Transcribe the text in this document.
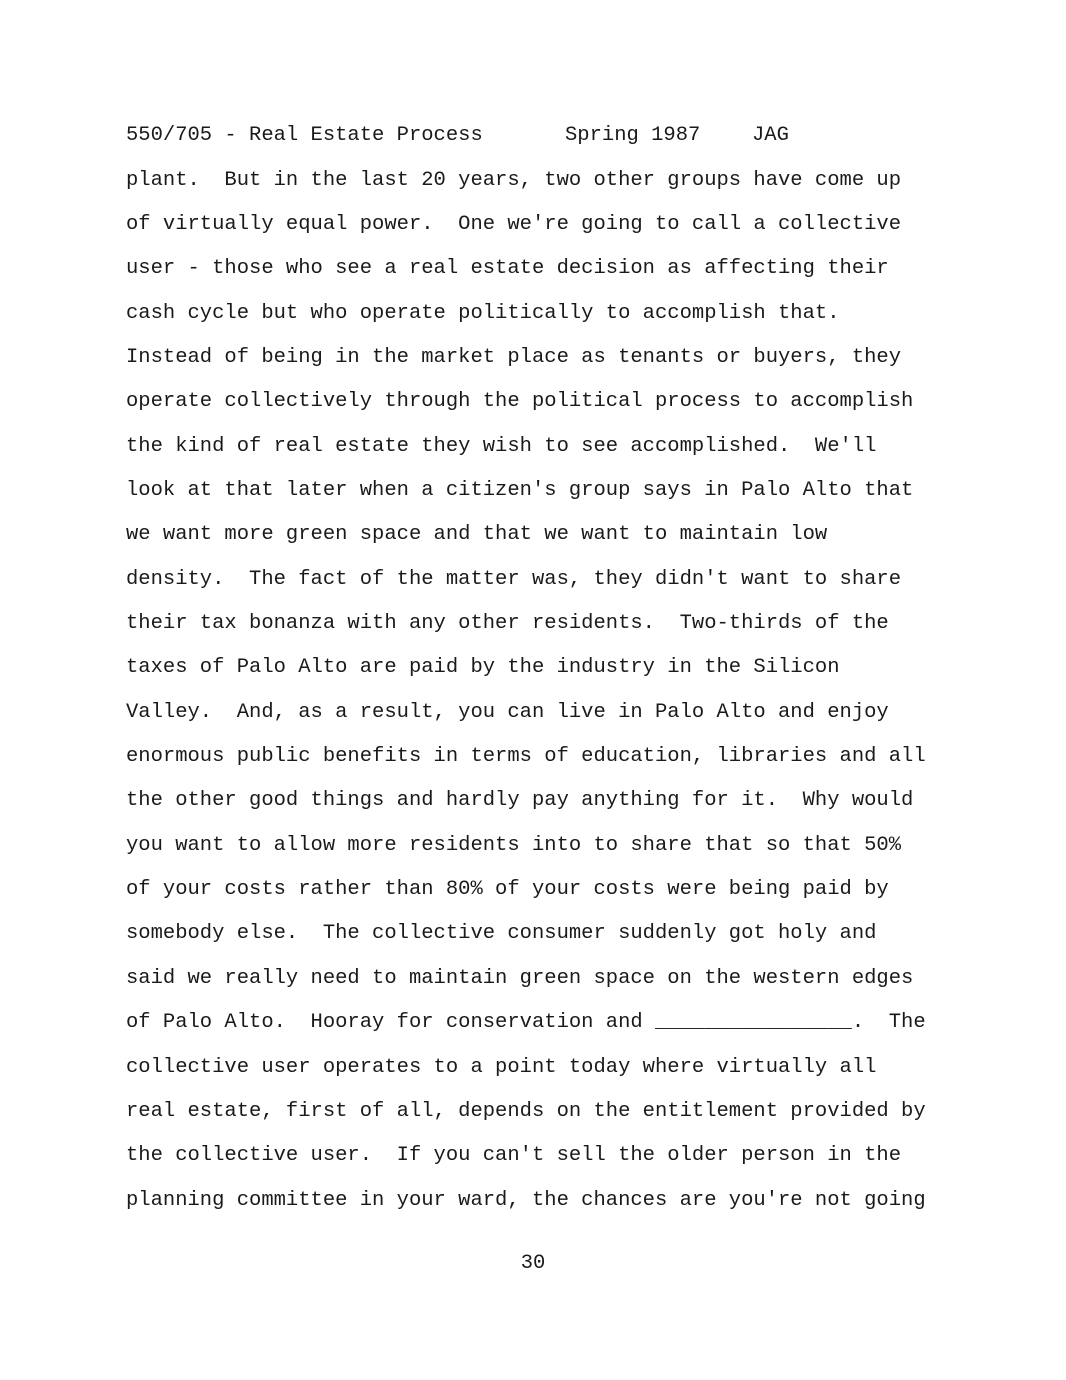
550/705 - Real Estate Process

	Spring 1987

	JAG

plant.  But in the last 20 years, two other groups have come up
of virtually equal power.  One we're going to call a collective
user - those who see a real estate decision as affecting their
cash cycle but who operate politically to accomplish that.
Instead of being in the market place as tenants or buyers, they
operate collectively through the political process to accomplish
the kind of real estate they wish to see accomplished.  We'll
look at that later when a citizen's group says in Palo Alto that
we want more green space and that we want to maintain low
density.  The fact of the matter was, they didn't want to share
their tax bonanza with any other residents.  Two-thirds of the
taxes of Palo Alto are paid by the industry in the Silicon
Valley.  And, as a result, you can live in Palo Alto and enjoy
enormous public benefits in terms of education, libraries and all
the other good things and hardly pay anything for it.  Why would
you want to allow more residents into to share that so that 50%
of your costs rather than 80% of your costs were being paid by
somebody else.  The collective consumer suddenly got holy and
said we really need to maintain green space on the western edges
of Palo Alto.  Hooray for conservation and ________________.  The
collective user operates to a point today where virtually all
real estate, first of all, depends on the entitlement provided by
the collective user.  If you can't sell the older person in the
planning committee in your ward, the chances are you're not going
30
